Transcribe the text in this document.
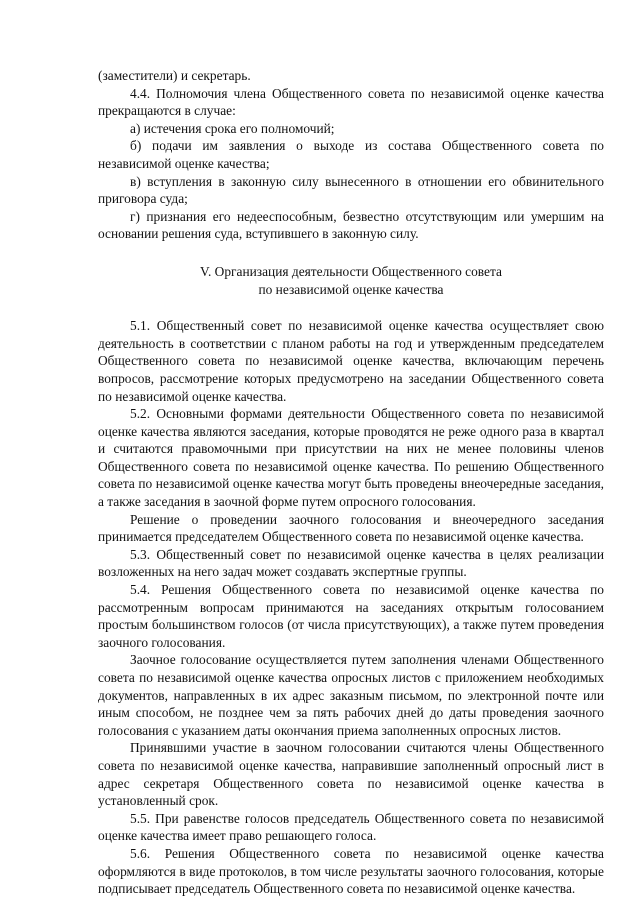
(заместители) и секретарь.

4.4. Полномочия члена Общественного совета по независимой оценке качества прекращаются в случае:

а) истечения срока его полномочий;

б) подачи им заявления о выходе из состава Общественного совета по независимой оценке качества;

в) вступления в законную силу вынесенного в отношении его обвинительного приговора суда;

г) признания его недееспособным, безвестно отсутствующим или умершим на основании решения суда, вступившего в законную силу.

V. Организация деятельности Общественного совета
по независимой оценке качества

5.1. Общественный совет по независимой оценке качества осуществляет свою деятельность в соответствии с планом работы на год и утвержденным председателем Общественного совета по независимой оценке качества, включающим перечень вопросов, рассмотрение которых предусмотрено на заседании Общественного совета по независимой оценке качества.

5.2. Основными формами деятельности Общественного совета по независимой оценке качества являются заседания, которые проводятся не реже одного раза в квартал и считаются правомочными при присутствии на них не менее половины членов Общественного совета по независимой оценке качества. По решению Общественного совета по независимой оценке качества могут быть проведены внеочередные заседания, а также заседания в заочной форме путем опросного голосования.

Решение о проведении заочного голосования и внеочередного заседания принимается председателем Общественного совета по независимой оценке качества.

5.3. Общественный совет по независимой оценке качества в целях реализации возложенных на него задач может создавать экспертные группы.

5.4. Решения Общественного совета по независимой оценке качества по рассмотренным вопросам принимаются на заседаниях открытым голосованием простым большинством голосов (от числа присутствующих), а также путем проведения заочного голосования.

Заочное голосование осуществляется путем заполнения членами Общественного совета по независимой оценке качества опросных листов с приложением необходимых документов, направленных в их адрес заказным письмом, по электронной почте или иным способом, не позднее чем за пять рабочих дней до даты проведения заочного голосования с указанием даты окончания приема заполненных опросных листов.

Принявшими участие в заочном голосовании считаются члены Общественного совета по независимой оценке качества, направившие заполненный опросный лист в адрес секретаря Общественного совета по независимой оценке качества в установленный срок.

5.5. При равенстве голосов председатель Общественного совета по независимой оценке качества имеет право решающего голоса.

5.6. Решения Общественного совета по независимой оценке качества оформляются в виде протоколов, в том числе результаты заочного голосования, которые подписывает председатель Общественного совета по независимой оценке качества.
